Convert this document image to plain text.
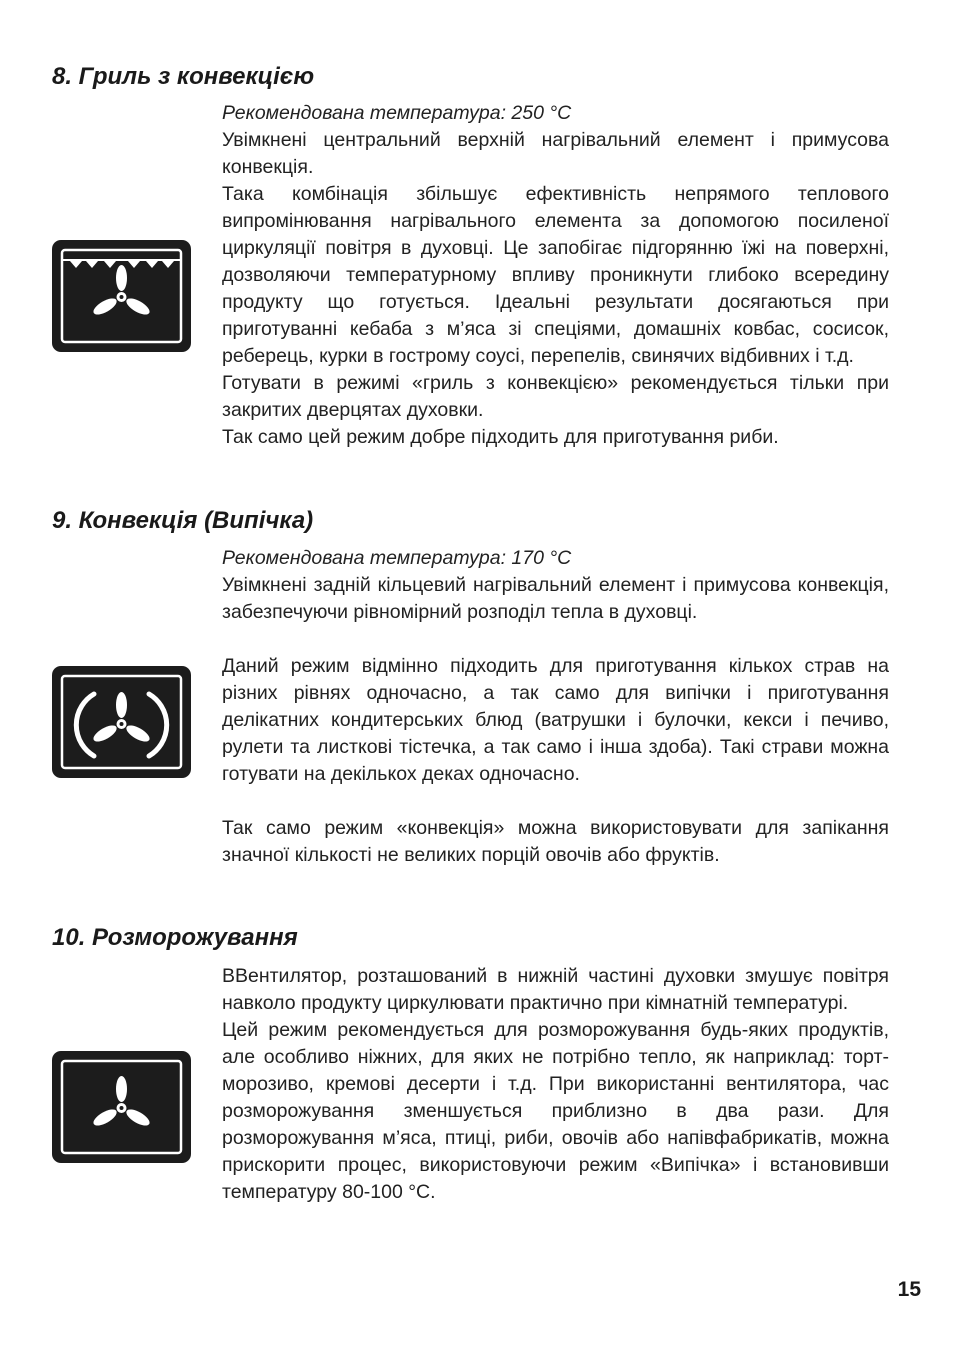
8. Гриль з конвекцією

Рекомендована температура: 250 °C

Увімкнені центральний верхній нагрівальний елемент і примусова конвекція.

Така комбінація збільшує ефективність непрямого теплового випромінювання нагрівального елемента за допомогою посиленої циркуляції повітря в духовці. Це запобігає підгорянню їжі на поверхні, дозволяючи температурному впливу проникнути глибоко всередину продукту що готується. Ідеальні результати досягаються при приготуванні кебаба з м’яса зі спеціями, домашніх ковбас, сосисок, реберець, курки в гострому соусі, перепелів, свинячих відбивних і т.д.

Готувати в режимі «гриль з конвекцією» рекомендується тільки при закритих дверцятах духовки.

Так само цей режим добре підходить для приготування риби.

9. Конвекція (Випічка)

Рекомендована температура: 170 °C

Увімкнені задній кільцевий нагрівальний елемент і примусова конвекція, забезпечуючи рівномірний розподіл тепла в духовці.

Даний режим відмінно підходить для приготування кількох страв на різних рівнях одночасно, а так само для випічки і приготування делікатних кондитерських блюд (ватрушки і булочки, кекси і печиво, рулети та листкові тістечка, а так само і інша здоба). Такі страви можна готувати на декількох деках одночасно.

Так само режим «конвекція» можна використовувати для запікання значної кількості не великих порцій овочів або фруктів.

10. Розморожування

ВВентилятор, розташований в нижній частині духовки змушує повітря навколо продукту циркулювати практично при кімнатній температурі.

Цей режим рекомендується для розморожування будь-яких продуктів, але особливо ніжних, для яких не потрібно тепло, як наприклад: торт-морозиво, кремові десерти і т.д. При використанні вентилятора, час розморожування зменшується приблизно в два рази. Для розморожування м’яса, птиці, риби, овочів або напівфабрикатів, можна прискорити процес, використовуючи режим «Випічка» і встановивши температуру 80-100 °С.

15
